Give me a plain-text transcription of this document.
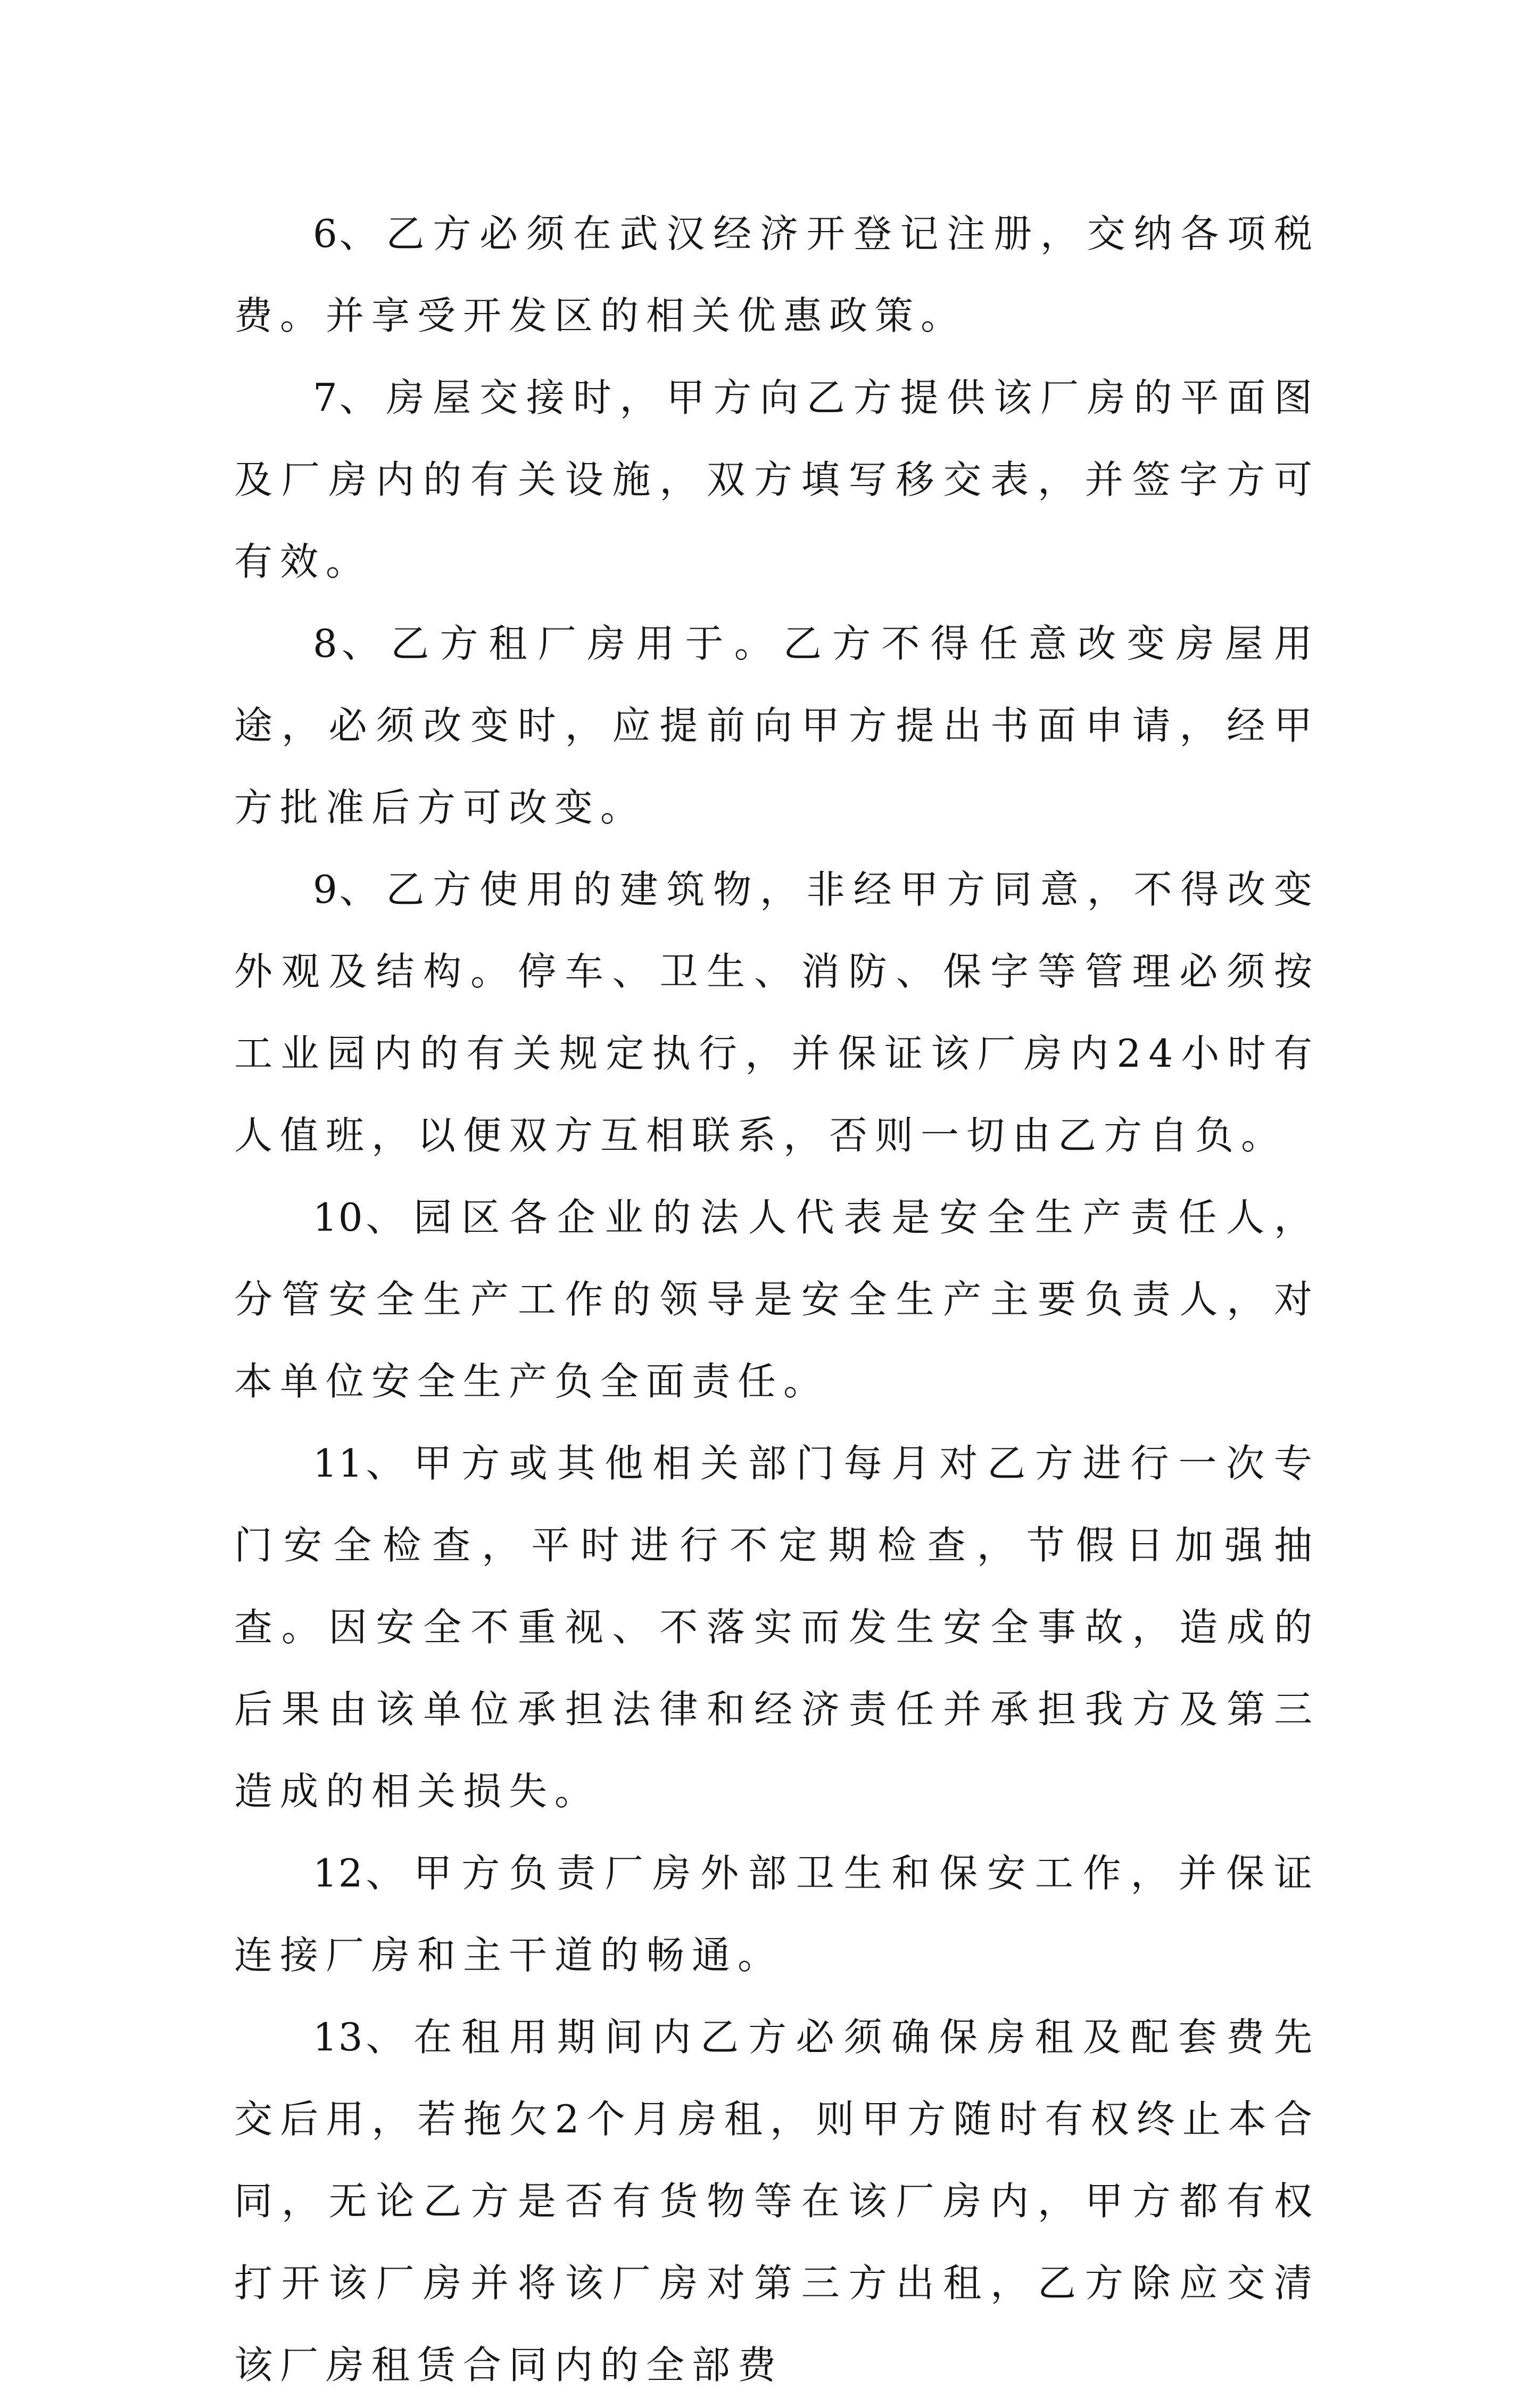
6、乙方必须在武汉经济开登记注册，交纳各项税费。并享受开发区的相关优惠政策。

7、房屋交接时，甲方向乙方提供该厂房的平面图及厂房内的有关设施，双方填写移交表，并签字方可有效。

8、乙方租厂房用于。乙方不得任意改变房屋用途，必须改变时，应提前向甲方提出书面申请，经甲方批准后方可改变。

9、乙方使用的建筑物，非经甲方同意，不得改变外观及结构。停车、卫生、消防、保字等管理必须按工业园内的有关规定执行，并保证该厂房内24小时有人值班，以便双方互相联系，否则一切由乙方自负。

10、园区各企业的法人代表是安全生产责任人，分管安全生产工作的领导是安全生产主要负责人，对本单位安全生产负全面责任。

11、甲方或其他相关部门每月对乙方进行一次专门安全检查，平时进行不定期检查，节假日加强抽查。因安全不重视、不落实而发生安全事故，造成的后果由该单位承担法律和经济责任并承担我方及第三造成的相关损失。

12、甲方负责厂房外部卫生和保安工作，并保证连接厂房和主干道的畅通。

13、在租用期间内乙方必须确保房租及配套费先交后用，若拖欠2个月房租，则甲方随时有权终止本合同，无论乙方是否有货物等在该厂房内，甲方都有权打开该厂房并将该厂房对第三方出租，乙方除应交清该厂房租赁合同内的全部费
